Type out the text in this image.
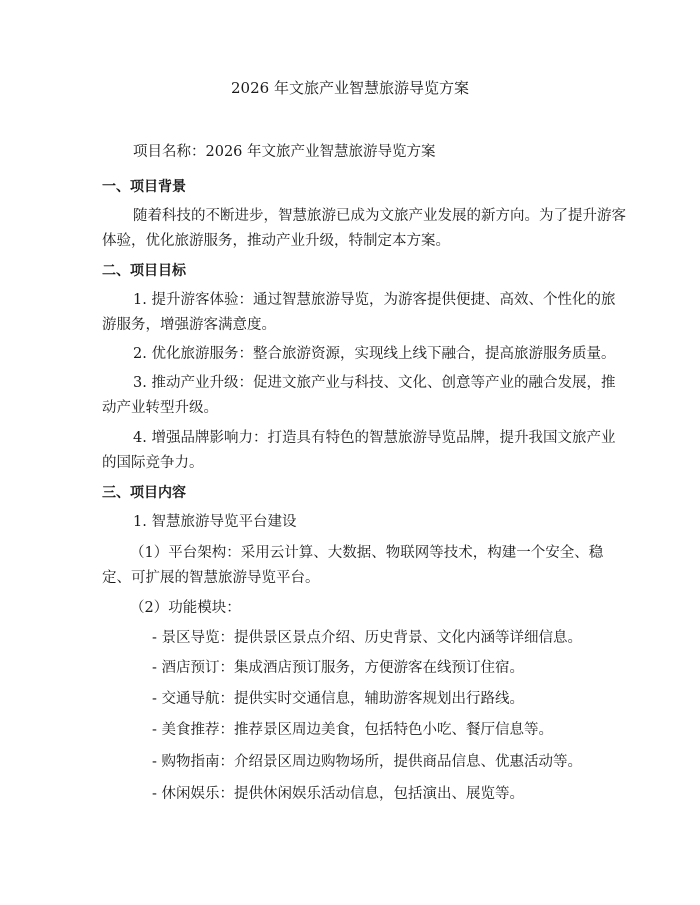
2026 年文旅产业智慧旅游导览方案
项目名称：2026 年文旅产业智慧旅游导览方案
一、项目背景
随着科技的不断进步，智慧旅游已成为文旅产业发展的新方向。为了提升游客
体验，优化旅游服务，推动产业升级，特制定本方案。
二、项目目标
1. 提升游客体验：通过智慧旅游导览，为游客提供便捷、高效、个性化的旅
游服务，增强游客满意度。
2. 优化旅游服务：整合旅游资源，实现线上线下融合，提高旅游服务质量。
3. 推动产业升级：促进文旅产业与科技、文化、创意等产业的融合发展，推
动产业转型升级。
4. 增强品牌影响力：打造具有特色的智慧旅游导览品牌，提升我国文旅产业
的国际竞争力。
三、项目内容
1. 智慧旅游导览平台建设
（1）平台架构：采用云计算、大数据、物联网等技术，构建一个安全、稳
定、可扩展的智慧旅游导览平台。
（2）功能模块：
- 景区导览：提供景区景点介绍、历史背景、文化内涵等详细信息。
- 酒店预订：集成酒店预订服务，方便游客在线预订住宿。
- 交通导航：提供实时交通信息，辅助游客规划出行路线。
- 美食推荐：推荐景区周边美食，包括特色小吃、餐厅信息等。
- 购物指南：介绍景区周边购物场所，提供商品信息、优惠活动等。
- 休闲娱乐：提供休闲娱乐活动信息，包括演出、展览等。
